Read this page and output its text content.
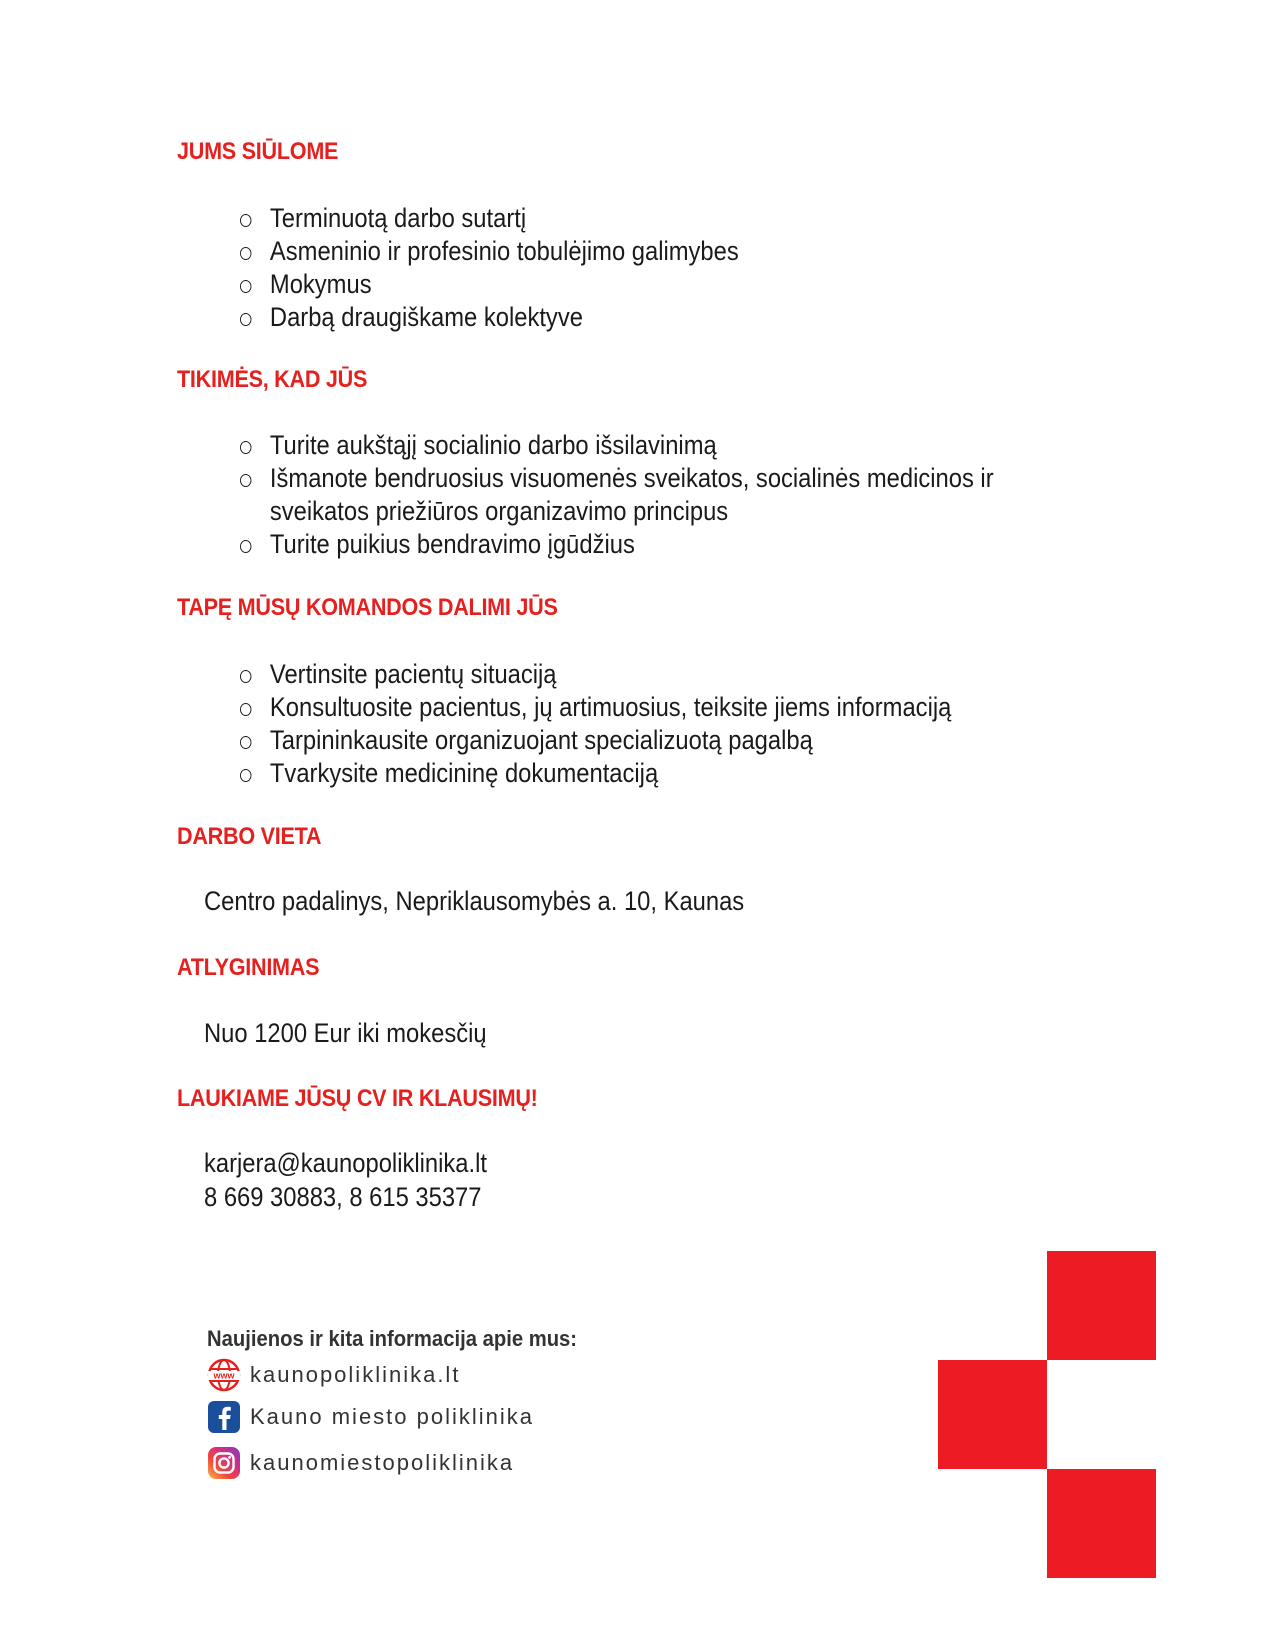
JUMS SIŪLOME
Terminuotą darbo sutartį
Asmeninio ir profesinio tobulėjimo galimybes
Mokymus
Darbą draugiškame kolektyve
TIKIMĖS, KAD JŪS
Turite aukštąjį socialinio darbo išsilavinimą
Išmanote bendruosius visuomenės sveikatos, socialinės medicinos ir sveikatos priežiūros organizavimo principus
Turite puikius bendravimo įgūdžius
TAPĘ MŪSŲ KOMANDOS DALIMI JŪS
Vertinsite pacientų situaciją
Konsultuosite pacientus, jų artimuosius, teiksite jiems informaciją
Tarpininkausite organizuojant specializuotą pagalbą
Tvarkysite medicininę dokumentaciją
DARBO VIETA

Centro padalinys, Nepriklausomybės a. 10, Kaunas

ATLYGINIMAS

Nuo 1200 Eur iki mokesčių

LAUKIAME JŪSŲ CV IR KLAUSIMŲ!

karjera@kaunopoliklinika.lt

8 669 30883, 8 615 35377

Naujienos ir kita informacija apie mus:

www kaunopoliklinika.lt
Kauno miesto poliklinika
kaunomiestopoliklinika
